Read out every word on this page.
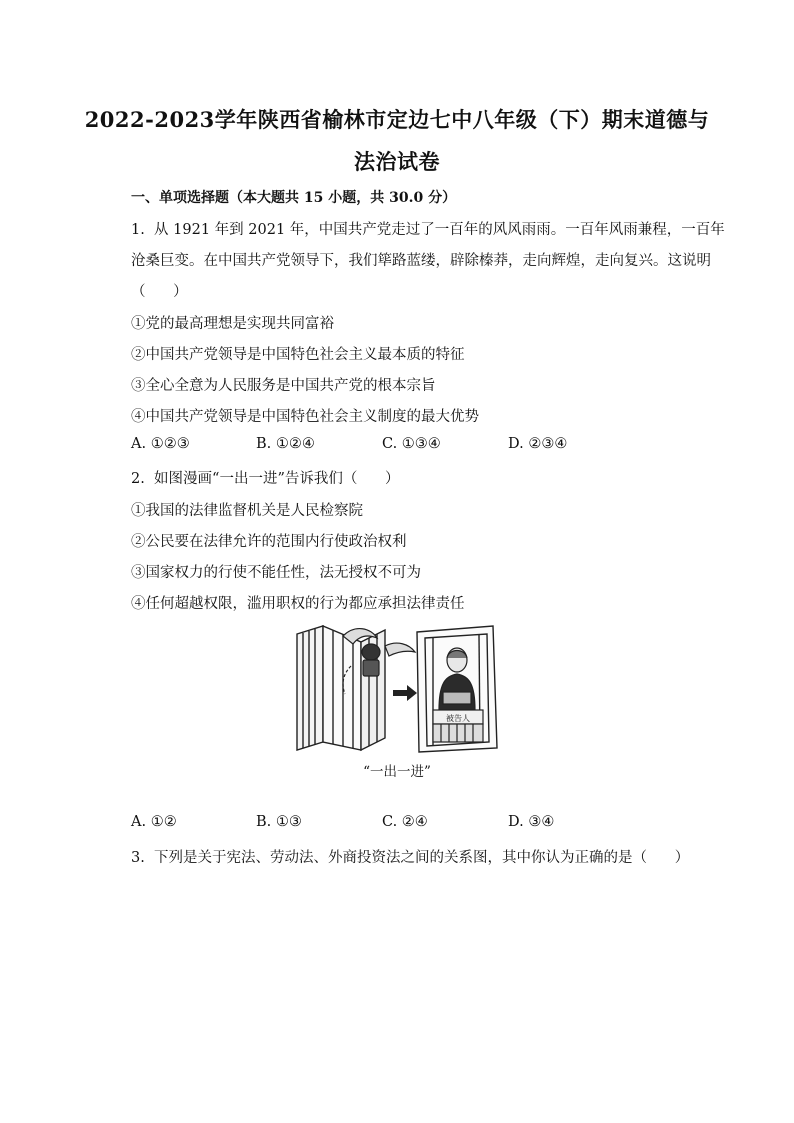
2022-2023学年陕西省榆林市定边七中八年级（下）期末道德与
法治试卷
一、单项选择题（本大题共 15 小题，共 30.0 分）
1.  从 1921 年到 2021 年，中国共产党走过了一百年的风风雨雨。一百年风雨兼程，一百年
沧桑巨变。在中国共产党领导下，我们筚路蓝缕，辟除榛莽，走向辉煌，走向复兴。这说明
（      ）
①党的最高理想是实现共同富裕
②中国共产党领导是中国特色社会主义最本质的特征
③全心全意为人民服务是中国共产党的根本宗旨
④中国共产党领导是中国特色社会主义制度的最大优势
A. ①②③	B. ①②④	C. ①③④	D. ②③④
2.  如图漫画“一出一进”告诉我们（      ）
①我国的法律监督机关是人民检察院
②公民要在法律允许的范围内行使政治权利
③国家权力的行使不能任性，法无授权不可为
④任何超越权限，滥用职权的行为都应承担法律责任
被告人
“一出一进”
A. ①②	B. ①③	C. ②④	D. ③④
3.  下列是关于宪法、劳动法、外商投资法之间的关系图，其中你认为正确的是（      ）
